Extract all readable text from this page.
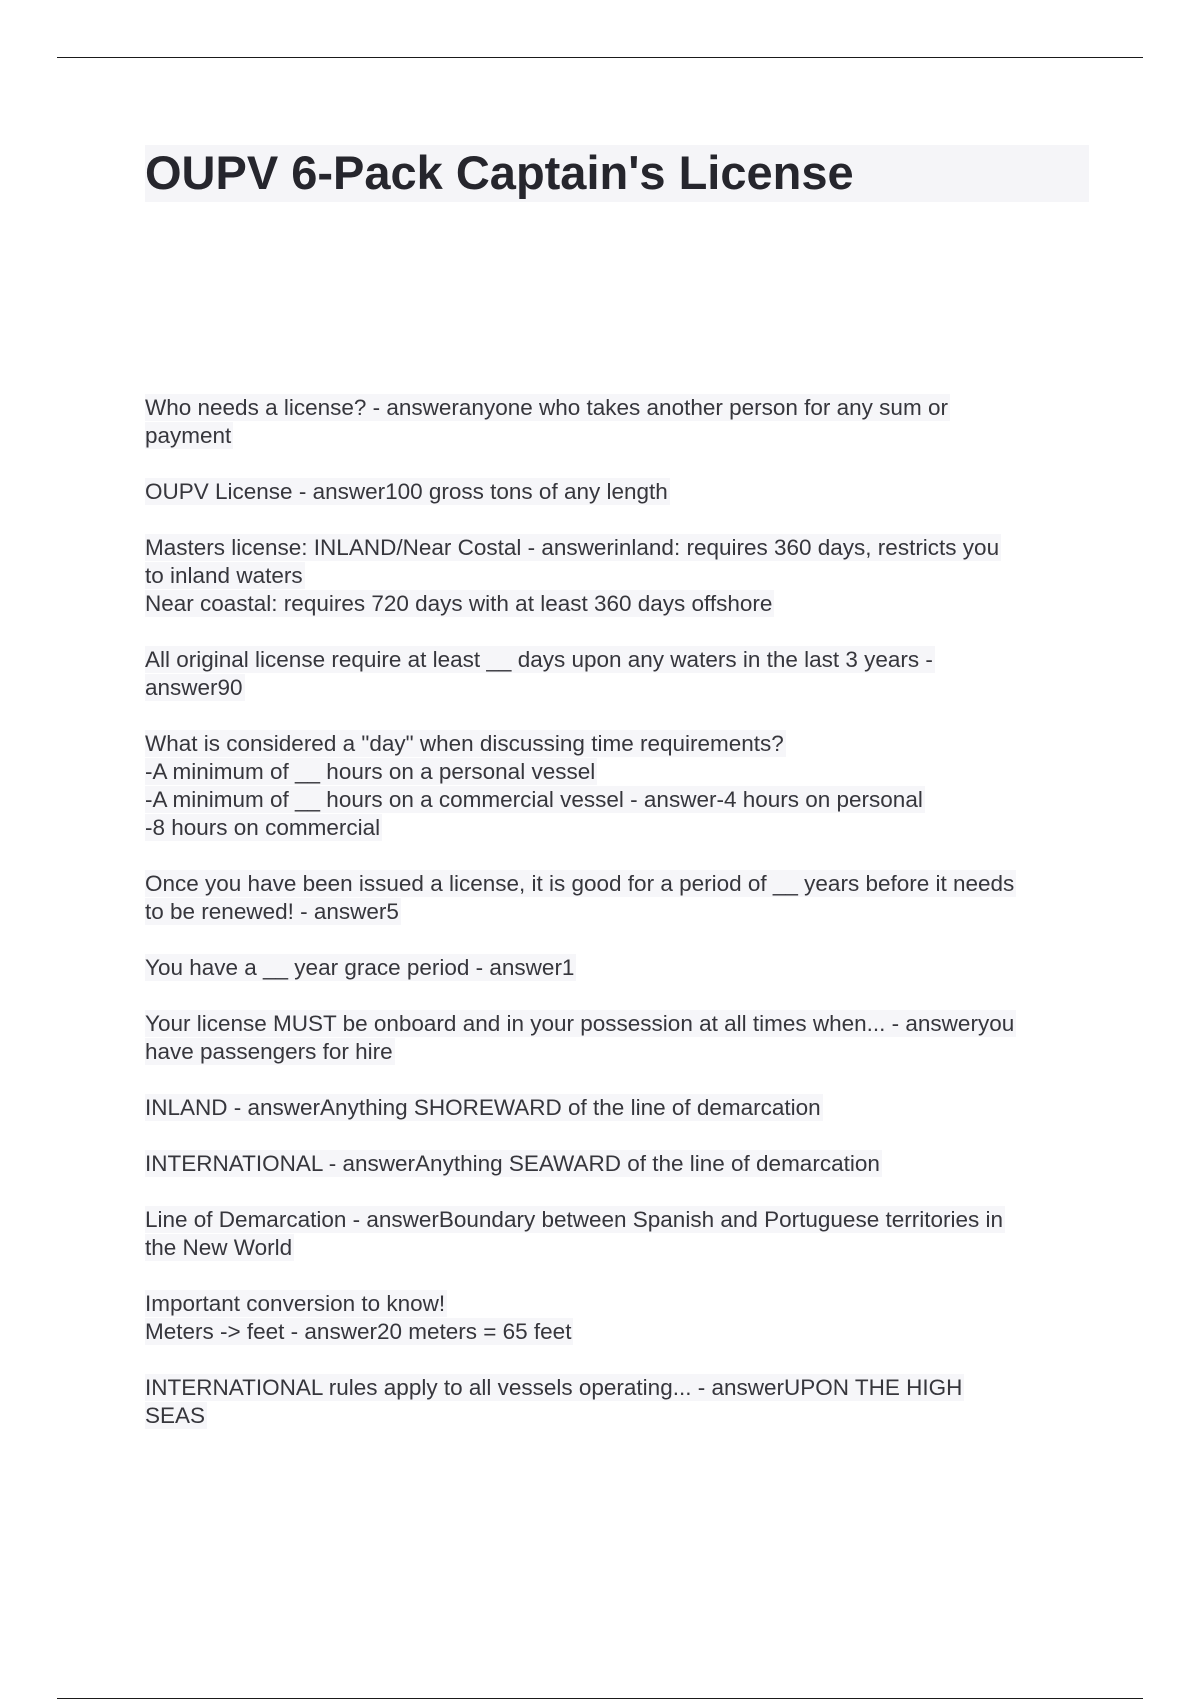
OUPV 6-Pack Captain's License

Who needs a license? - answeranyone who takes another person for any sum or
payment

OUPV License - answer100 gross tons of any length

Masters license: INLAND/Near Costal - answerinland: requires 360 days, restricts you
to inland waters
Near coastal: requires 720 days with at least 360 days offshore

All original license require at least __ days upon any waters in the last 3 years -
answer90

What is considered a "day" when discussing time requirements?
-A minimum of __ hours on a personal vessel
-A minimum of __ hours on a commercial vessel - answer-4 hours on personal
-8 hours on commercial

Once you have been issued a license, it is good for a period of __ years before it needs
to be renewed! - answer5

You have a __ year grace period - answer1

Your license MUST be onboard and in your possession at all times when... - answeryou
have passengers for hire

INLAND - answerAnything SHOREWARD of the line of demarcation

INTERNATIONAL - answerAnything SEAWARD of the line of demarcation

Line of Demarcation - answerBoundary between Spanish and Portuguese territories in
the New World

Important conversion to know!
Meters -> feet - answer20 meters = 65 feet

INTERNATIONAL rules apply to all vessels operating... - answerUPON THE HIGH
SEAS
